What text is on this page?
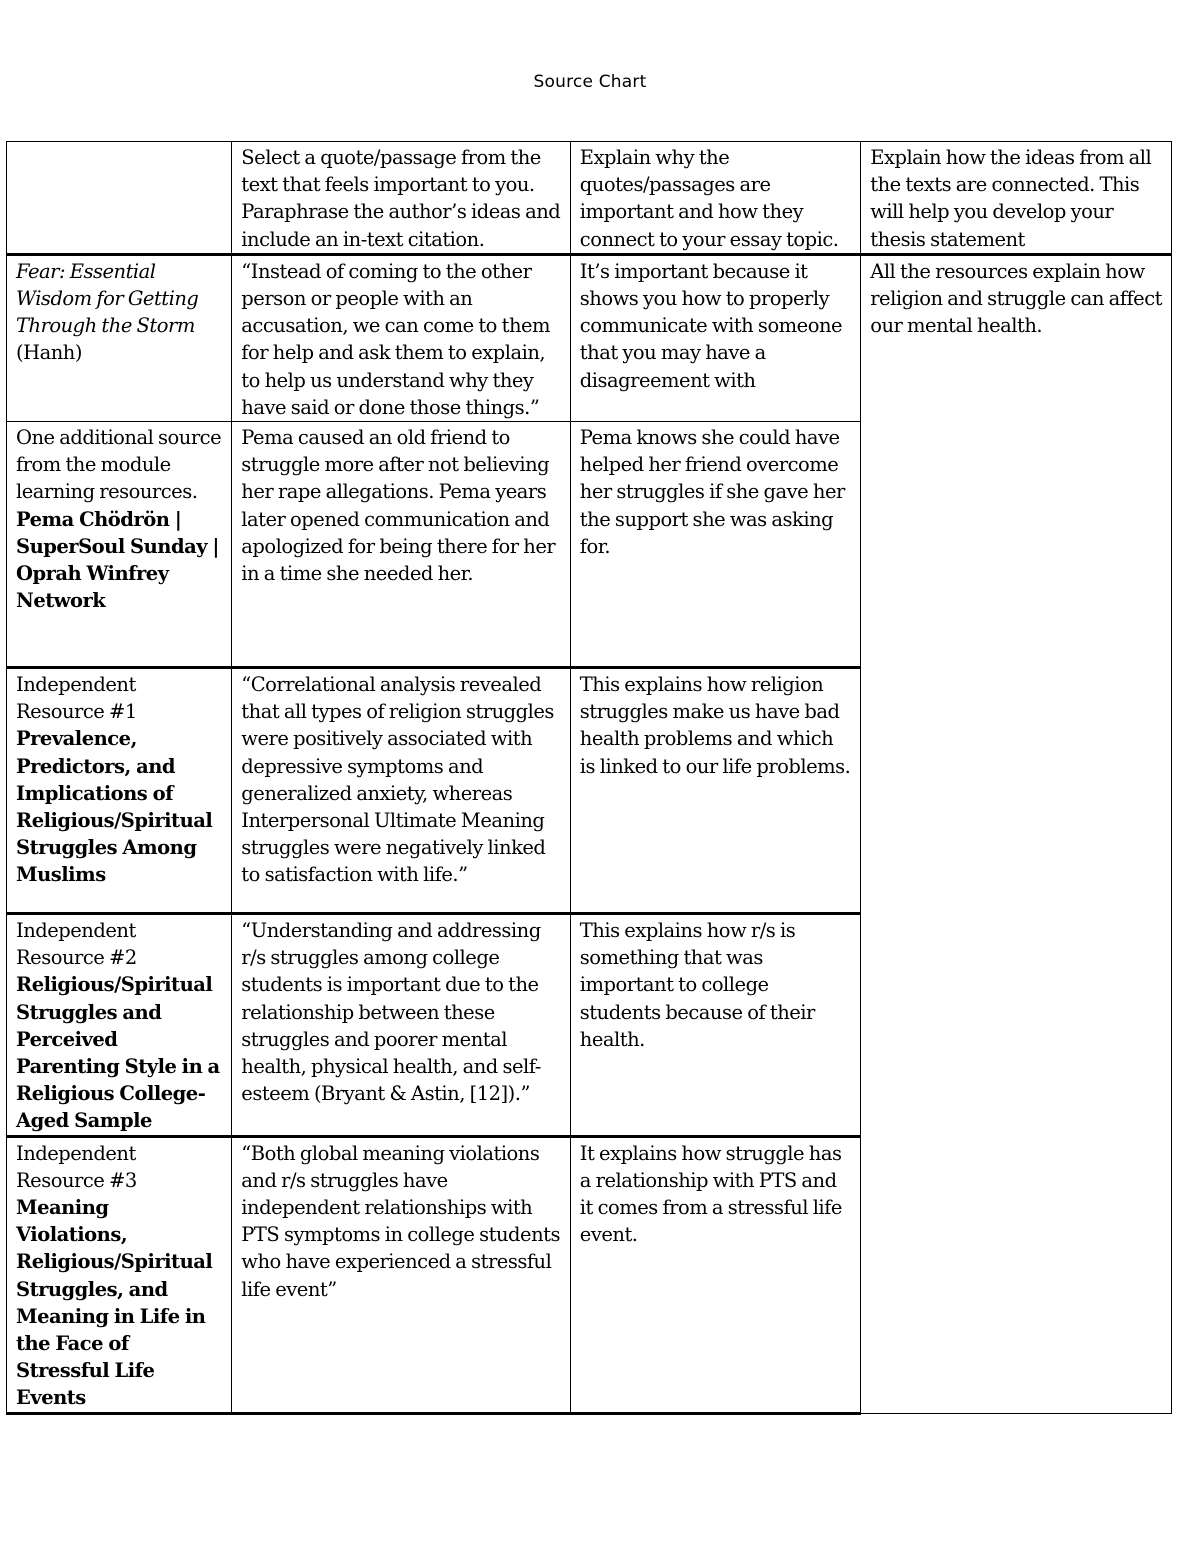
Source Chart
	Select a quote/passage from the text that feels important to you. Paraphrase the author’s ideas and include an in-text citation.	Explain why the quotes/passages are important and how they connect to your essay topic.	Explain how the ideas from all the texts are connected. This will help you develop your thesis statement

Fear: Essential Wisdom for Getting Through the Storm
(Hanh)	“Instead of coming to the other person or people with an accusation, we can come to them for help and ask them to explain, to help us understand why they have said or done those things.”	It’s important because it shows you how to properly communicate with someone that you may have a disagreement with	All the resources explain how religion and struggle can affect our mental health.

One additional source from the module learning resources.
Pema Chödrön | SuperSoul Sunday | Oprah Winfrey Network	Pema caused an old friend to struggle more after not believing her rape allegations. Pema years later opened communication and apologized for being there for her in a time she needed her.	Pema knows she could have helped her friend overcome her struggles if she gave her the support she was asking for.	

Independent Resource #1
Prevalence, Predictors, and Implications of Religious/Spiritual Struggles Among Muslims	“Correlational analysis revealed that all types of religion struggles were positively associated with depressive symptoms and generalized anxiety, whereas Interpersonal Ultimate Meaning struggles were negatively linked to satisfaction with life.”	This explains how religion struggles make us have bad health problems and which is linked to our life problems.	

Independent Resource #2
Religious/Spiritual Struggles and Perceived Parenting Style in a Religious College-Aged Sample	“Understanding and addressing r/s struggles among college students is important due to the relationship between these struggles and poorer mental health, physical health, and self-esteem (Bryant & Astin, [12]).”	This explains how r/s is something that was important to college students because of their health.	

Independent Resource #3
Meaning Violations, Religious/Spiritual Struggles, and Meaning in Life in the Face of Stressful Life Events	“Both global meaning violations and r/s struggles have independent relationships with PTS symptoms in college students who have experienced a stressful life event”	It explains how struggle has a relationship with PTS and it comes from a stressful life event.	
